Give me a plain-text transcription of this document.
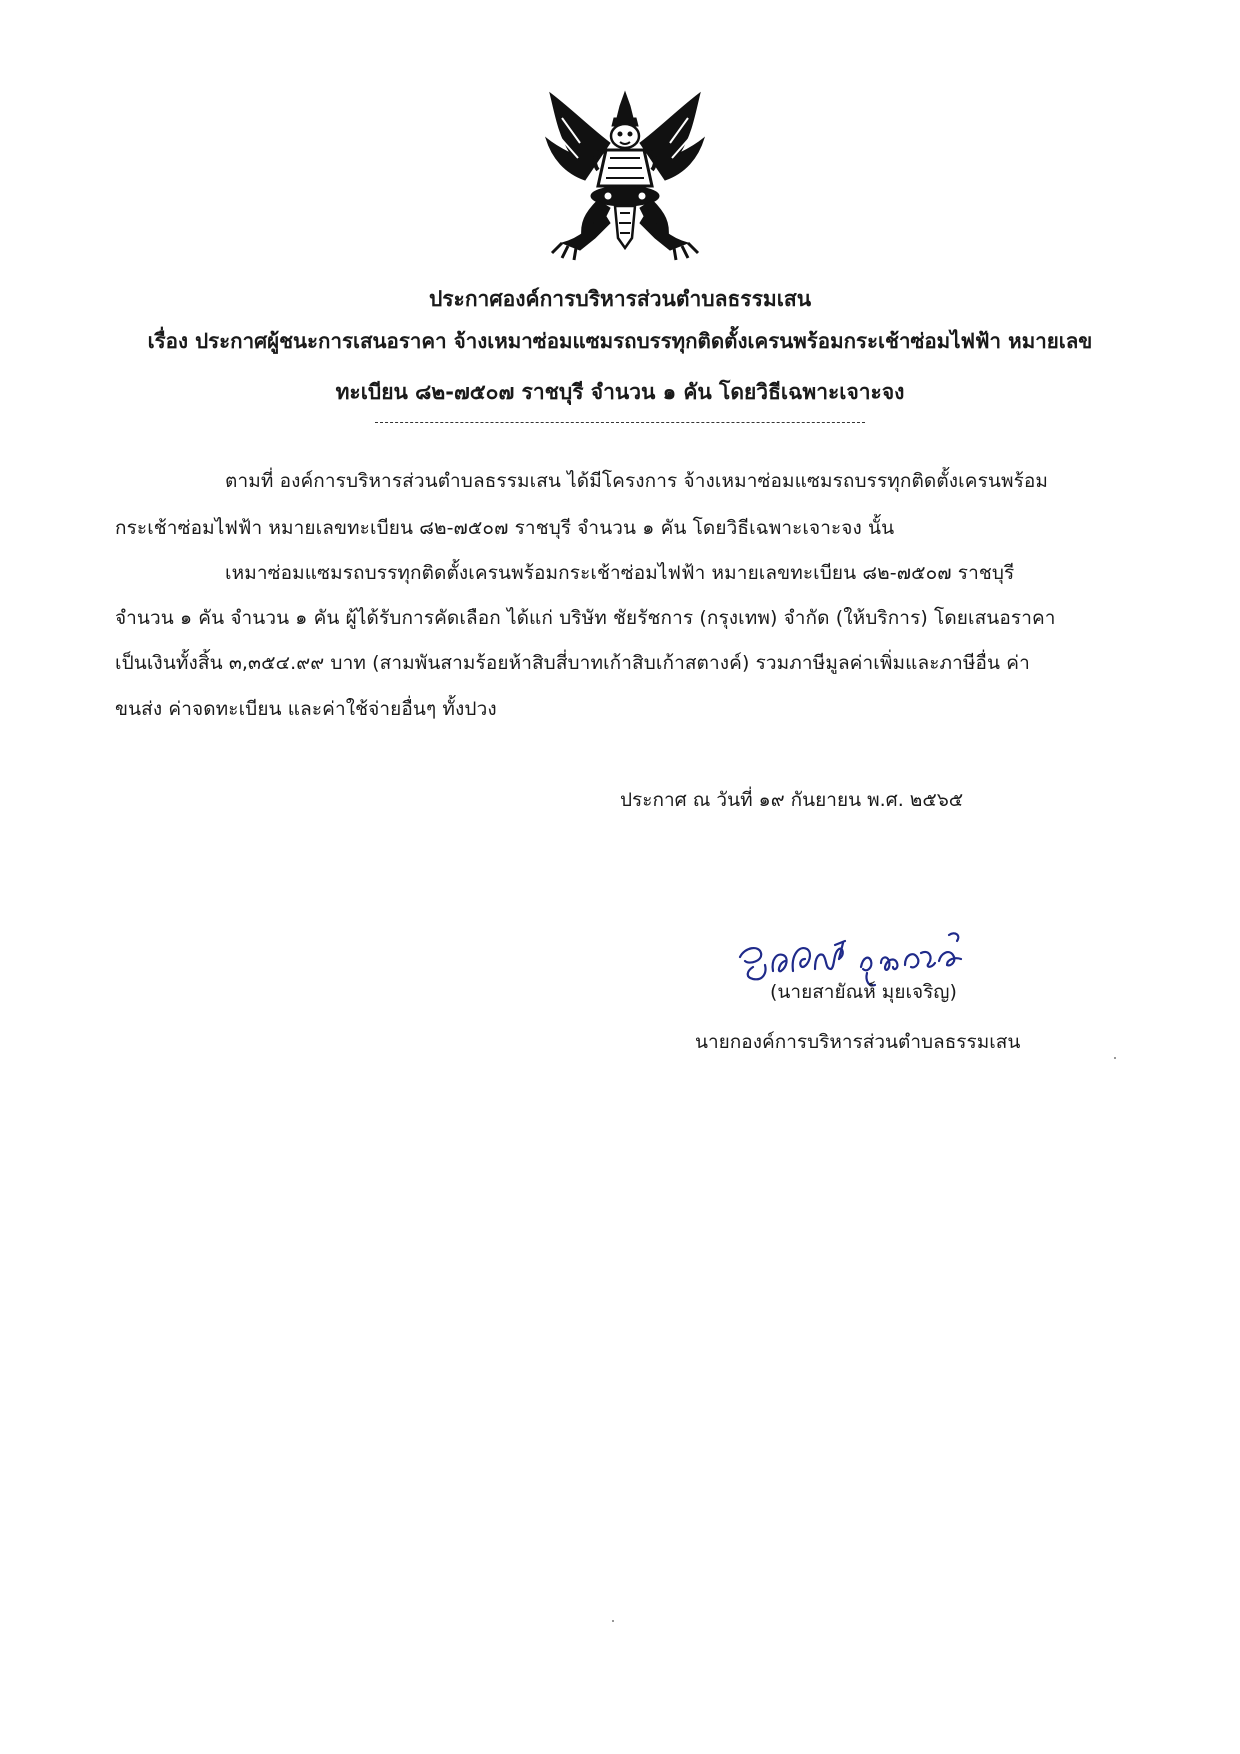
ประกาศองค์การบริหารส่วนตำบลธรรมเสน
เรื่อง ประกาศผู้ชนะการเสนอราคา จ้างเหมาซ่อมแซมรถบรรทุกติดตั้งเครนพร้อมกระเช้าซ่อมไฟฟ้า หมายเลข
ทะเบียน ๘๒-๗๕๐๗ ราชบุรี จำนวน ๑ คัน โดยวิธีเฉพาะเจาะจง
ตามที่ องค์การบริหารส่วนตำบลธรรมเสน ได้มีโครงการ จ้างเหมาซ่อมแซมรถบรรทุกติดตั้งเครนพร้อม
กระเช้าซ่อมไฟฟ้า หมายเลขทะเบียน ๘๒-๗๕๐๗ ราชบุรี จำนวน ๑ คัน โดยวิธีเฉพาะเจาะจง นั้น
เหมาซ่อมแซมรถบรรทุกติดตั้งเครนพร้อมกระเช้าซ่อมไฟฟ้า หมายเลขทะเบียน ๘๒-๗๕๐๗ ราชบุรี
จำนวน ๑ คัน จำนวน ๑ คัน ผู้ได้รับการคัดเลือก ได้แก่ บริษัท ชัยรัชการ (กรุงเทพ) จำกัด (ให้บริการ) โดยเสนอราคา
เป็นเงินทั้งสิ้น ๓,๓๕๔.๙๙ บาท (สามพันสามร้อยห้าสิบสี่บาทเก้าสิบเก้าสตางค์) รวมภาษีมูลค่าเพิ่มและภาษีอื่น ค่า
ขนส่ง ค่าจดทะเบียน และค่าใช้จ่ายอื่นๆ ทั้งปวง
ประกาศ ณ วันที่ ๑๙ กันยายน พ.ศ. ๒๕๖๕
(นายสายัณห์ มุยเจริญ)
นายกองค์การบริหารส่วนตำบลธรรมเสน
